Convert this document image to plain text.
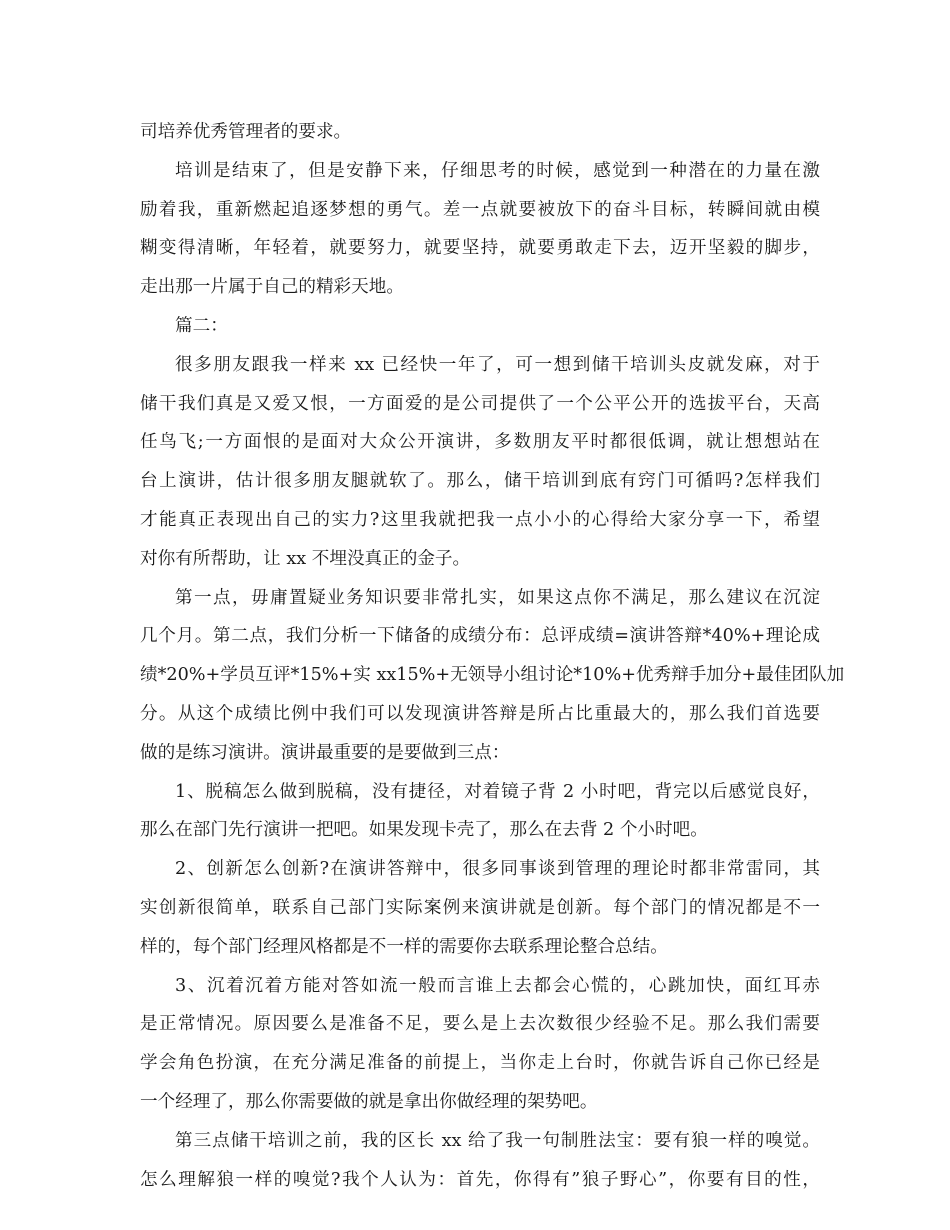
司培养优秀管理者的要求。
培训是结束了，但是安静下来，仔细思考的时候，感觉到一种潜在的力量在激
励着我，重新燃起追逐梦想的勇气。差一点就要被放下的奋斗目标，转瞬间就由模
糊变得清晰，年轻着，就要努力，就要坚持，就要勇敢走下去，迈开坚毅的脚步，
走出那一片属于自己的精彩天地。
篇二：
很多朋友跟我一样来 xx 已经快一年了，可一想到储干培训头皮就发麻，对于
储干我们真是又爱又恨，一方面爱的是公司提供了一个公平公开的选拔平台，天高
任鸟飞;一方面恨的是面对大众公开演讲，多数朋友平时都很低调，就让想想站在
台上演讲，估计很多朋友腿就软了。那么，储干培训到底有窍门可循吗?怎样我们
才能真正表现出自己的实力?这里我就把我一点小小的心得给大家分享一下，希望
对你有所帮助，让 xx 不埋没真正的金子。
第一点，毋庸置疑业务知识要非常扎实，如果这点你不满足，那么建议在沉淀
几个月。第二点，我们分析一下储备的成绩分布：总评成绩=演讲答辩*40%+理论成
绩*20%+学员互评*15%+实 xx15%+无领导小组讨论*10%+优秀辩手加分+最佳团队加
分。从这个成绩比例中我们可以发现演讲答辩是所占比重最大的，那么我们首选要
做的是练习演讲。演讲最重要的是要做到三点：
1、脱稿怎么做到脱稿，没有捷径，对着镜子背 2 小时吧，背完以后感觉良好，
那么在部门先行演讲一把吧。如果发现卡壳了，那么在去背 2 个小时吧。
2、创新怎么创新?在演讲答辩中，很多同事谈到管理的理论时都非常雷同，其
实创新很简单，联系自己部门实际案例来演讲就是创新。每个部门的情况都是不一
样的，每个部门经理风格都是不一样的需要你去联系理论整合总结。
3、沉着沉着方能对答如流一般而言谁上去都会心慌的，心跳加快，面红耳赤
是正常情况。原因要么是准备不足，要么是上去次数很少经验不足。那么我们需要
学会角色扮演，在充分满足准备的前提上，当你走上台时，你就告诉自己你已经是
一个经理了，那么你需要做的就是拿出你做经理的架势吧。
第三点储干培训之前，我的区长 xx 给了我一句制胜法宝：要有狼一样的嗅觉。
怎么理解狼一样的嗅觉?我个人认为：首先，你得有”狼子野心”，你要有目的性，
